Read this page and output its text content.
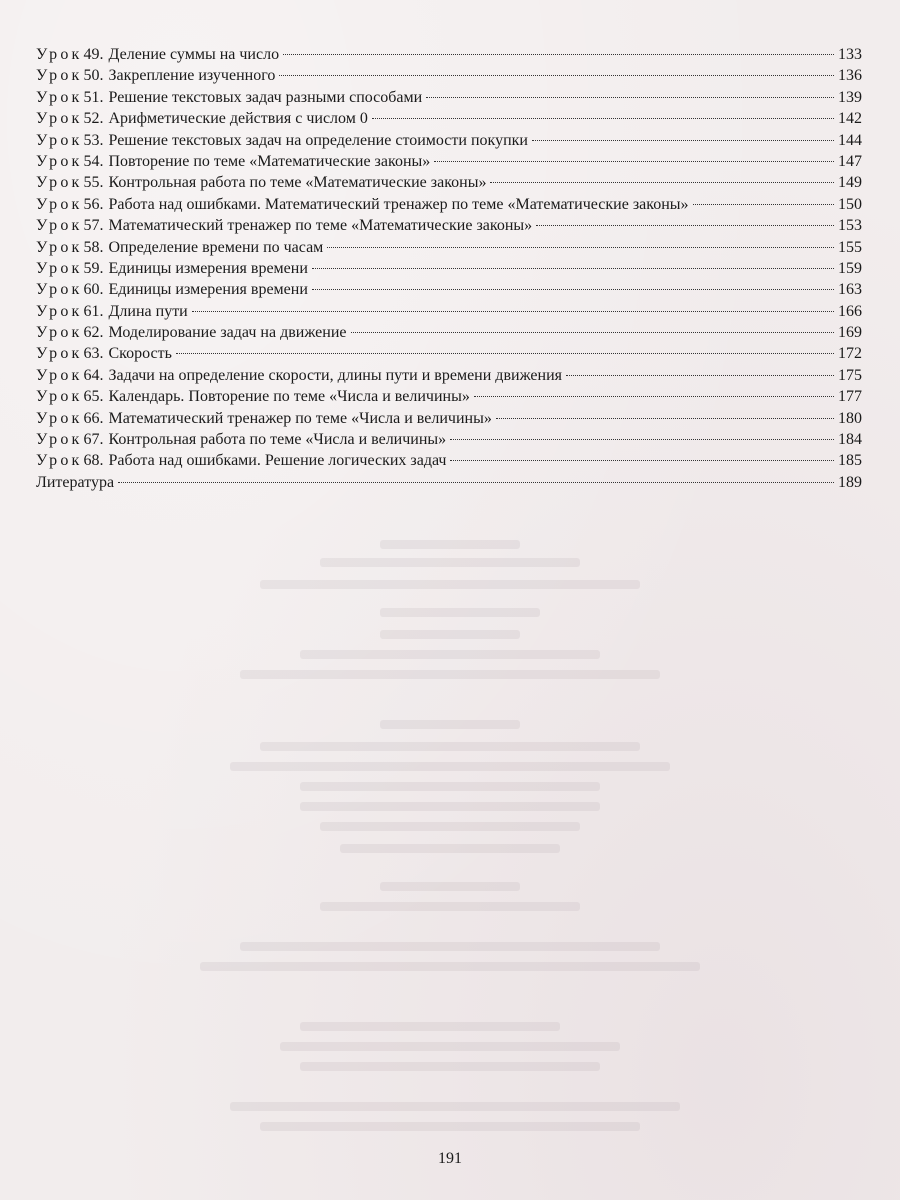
Урок 49. Деление суммы на число	133
Урок 50. Закрепление изученного	136
Урок 51. Решение текстовых задач разными способами	139
Урок 52. Арифметические действия с числом 0	142
Урок 53. Решение текстовых задач на определение стоимости покупки	144
Урок 54. Повторение по теме «Математические законы»	147
Урок 55. Контрольная работа по теме «Математические законы»	149
Урок 56. Работа над ошибками. Математический тренажер по теме «Математические законы»	150
Урок 57. Математический тренажер по теме «Математические законы»	153
Урок 58. Определение времени по часам	155
Урок 59. Единицы измерения времени	159
Урок 60. Единицы измерения времени	163
Урок 61. Длина пути	166
Урок 62. Моделирование задач на движение	169
Урок 63. Скорость	172
Урок 64. Задачи на определение скорости, длины пути и времени движения	175
Урок 65. Календарь. Повторение по теме «Числа и величины»	177
Урок 66. Математический тренажер по теме «Числа и величины»	180
Урок 67. Контрольная работа по теме «Числа и величины»	184
Урок 68. Работа над ошибками. Решение логических задач	185
Литература	189
191
